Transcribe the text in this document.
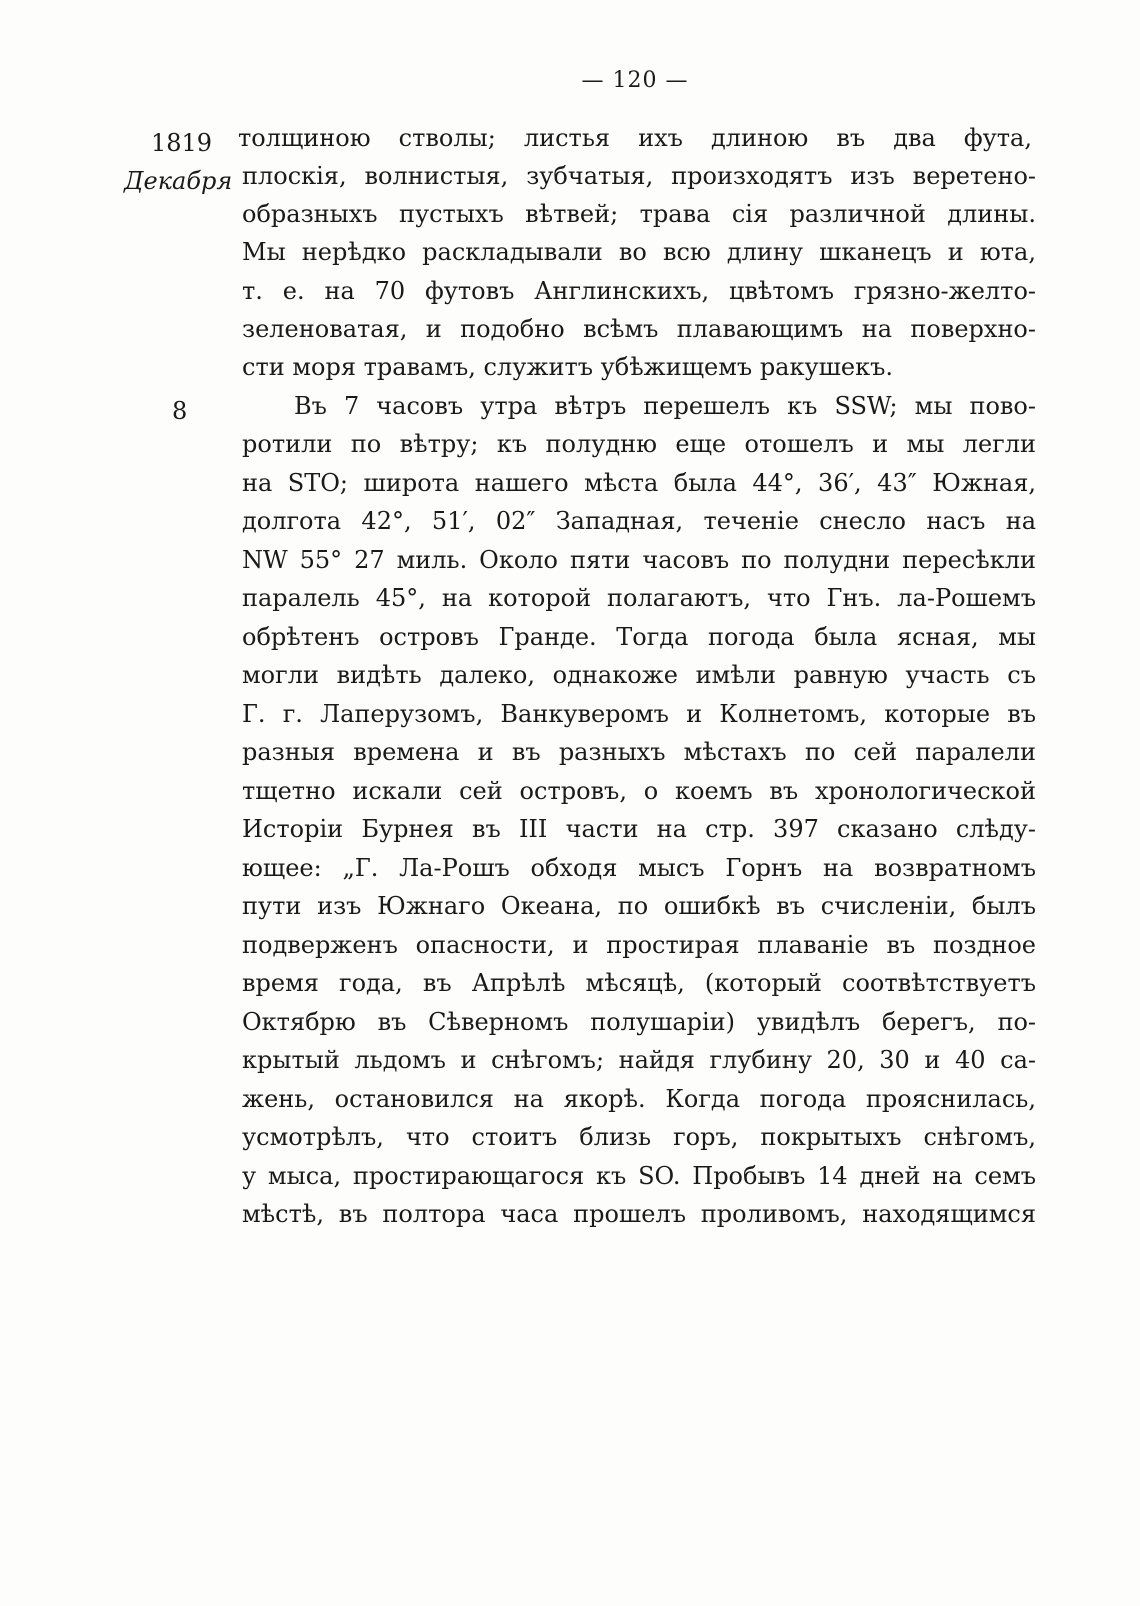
— 120 —
1819
Декабря
8
толщиною стволы; листья ихъ длиною въ два фута,
плоскія, волнистыя, зубчатыя, произходятъ изъ веретено-
образныхъ пустыхъ вѣтвей; трава сія различной длины.
Мы нерѣдко раскладывали во всю длину шканецъ и юта,
т. е. на 70 футовъ Англинскихъ, цвѣтомъ грязно-желто-
зеленоватая, и подобно всѣмъ плавающимъ на поверхно-
сти моря травамъ, служитъ убѣжищемъ ракушекъ.
Въ 7 часовъ утра вѣтръ перешелъ къ SSW; мы пово-
ротили по вѣтру; къ полудню еще отошелъ и мы легли
на STO; широта нашего мѣста была 44°, 36′, 43″ Южная,
долгота 42°, 51′, 02″ Западная, теченіе снесло насъ на
NW 55° 27 миль. Около пяти часовъ по полудни пересѣкли
паралель 45°, на которой полагаютъ, что Гнъ. ла-Рошемъ
обрѣтенъ островъ Гранде. Тогда погода была ясная, мы
могли видѣть далеко, однакоже имѣли равную участь съ
Г. г. Лаперузомъ, Ванкуверомъ и Колнетомъ, которые въ
разныя времена и въ разныхъ мѣстахъ по сей паралели
тщетно искали сей островъ, о коемъ въ хронологической
Исторіи Бурнея въ III части на стр. 397 сказано слѣду-
ющее: „Г. Ла-Рошъ обходя мысъ Горнъ на возвратномъ
пути изъ Южнаго Океана, по ошибкѣ въ счисленіи, былъ
подверженъ опасности, и простирая плаваніе въ поздное
время года, въ Апрѣлѣ мѣсяцѣ, (который соотвѣтствуетъ
Октябрю въ Сѣверномъ полушаріи) увидѣлъ берегъ, по-
крытый льдомъ и снѣгомъ; найдя глубину 20, 30 и 40 са-
жень, остановился на якорѣ. Когда погода прояснилась,
усмотрѣлъ, что стоитъ близь горъ, покрытыхъ снѣгомъ,
у мыса, простирающагося къ SO. Пробывъ 14 дней на семъ
мѣстѣ, въ полтора часа прошелъ проливомъ, находящимся
